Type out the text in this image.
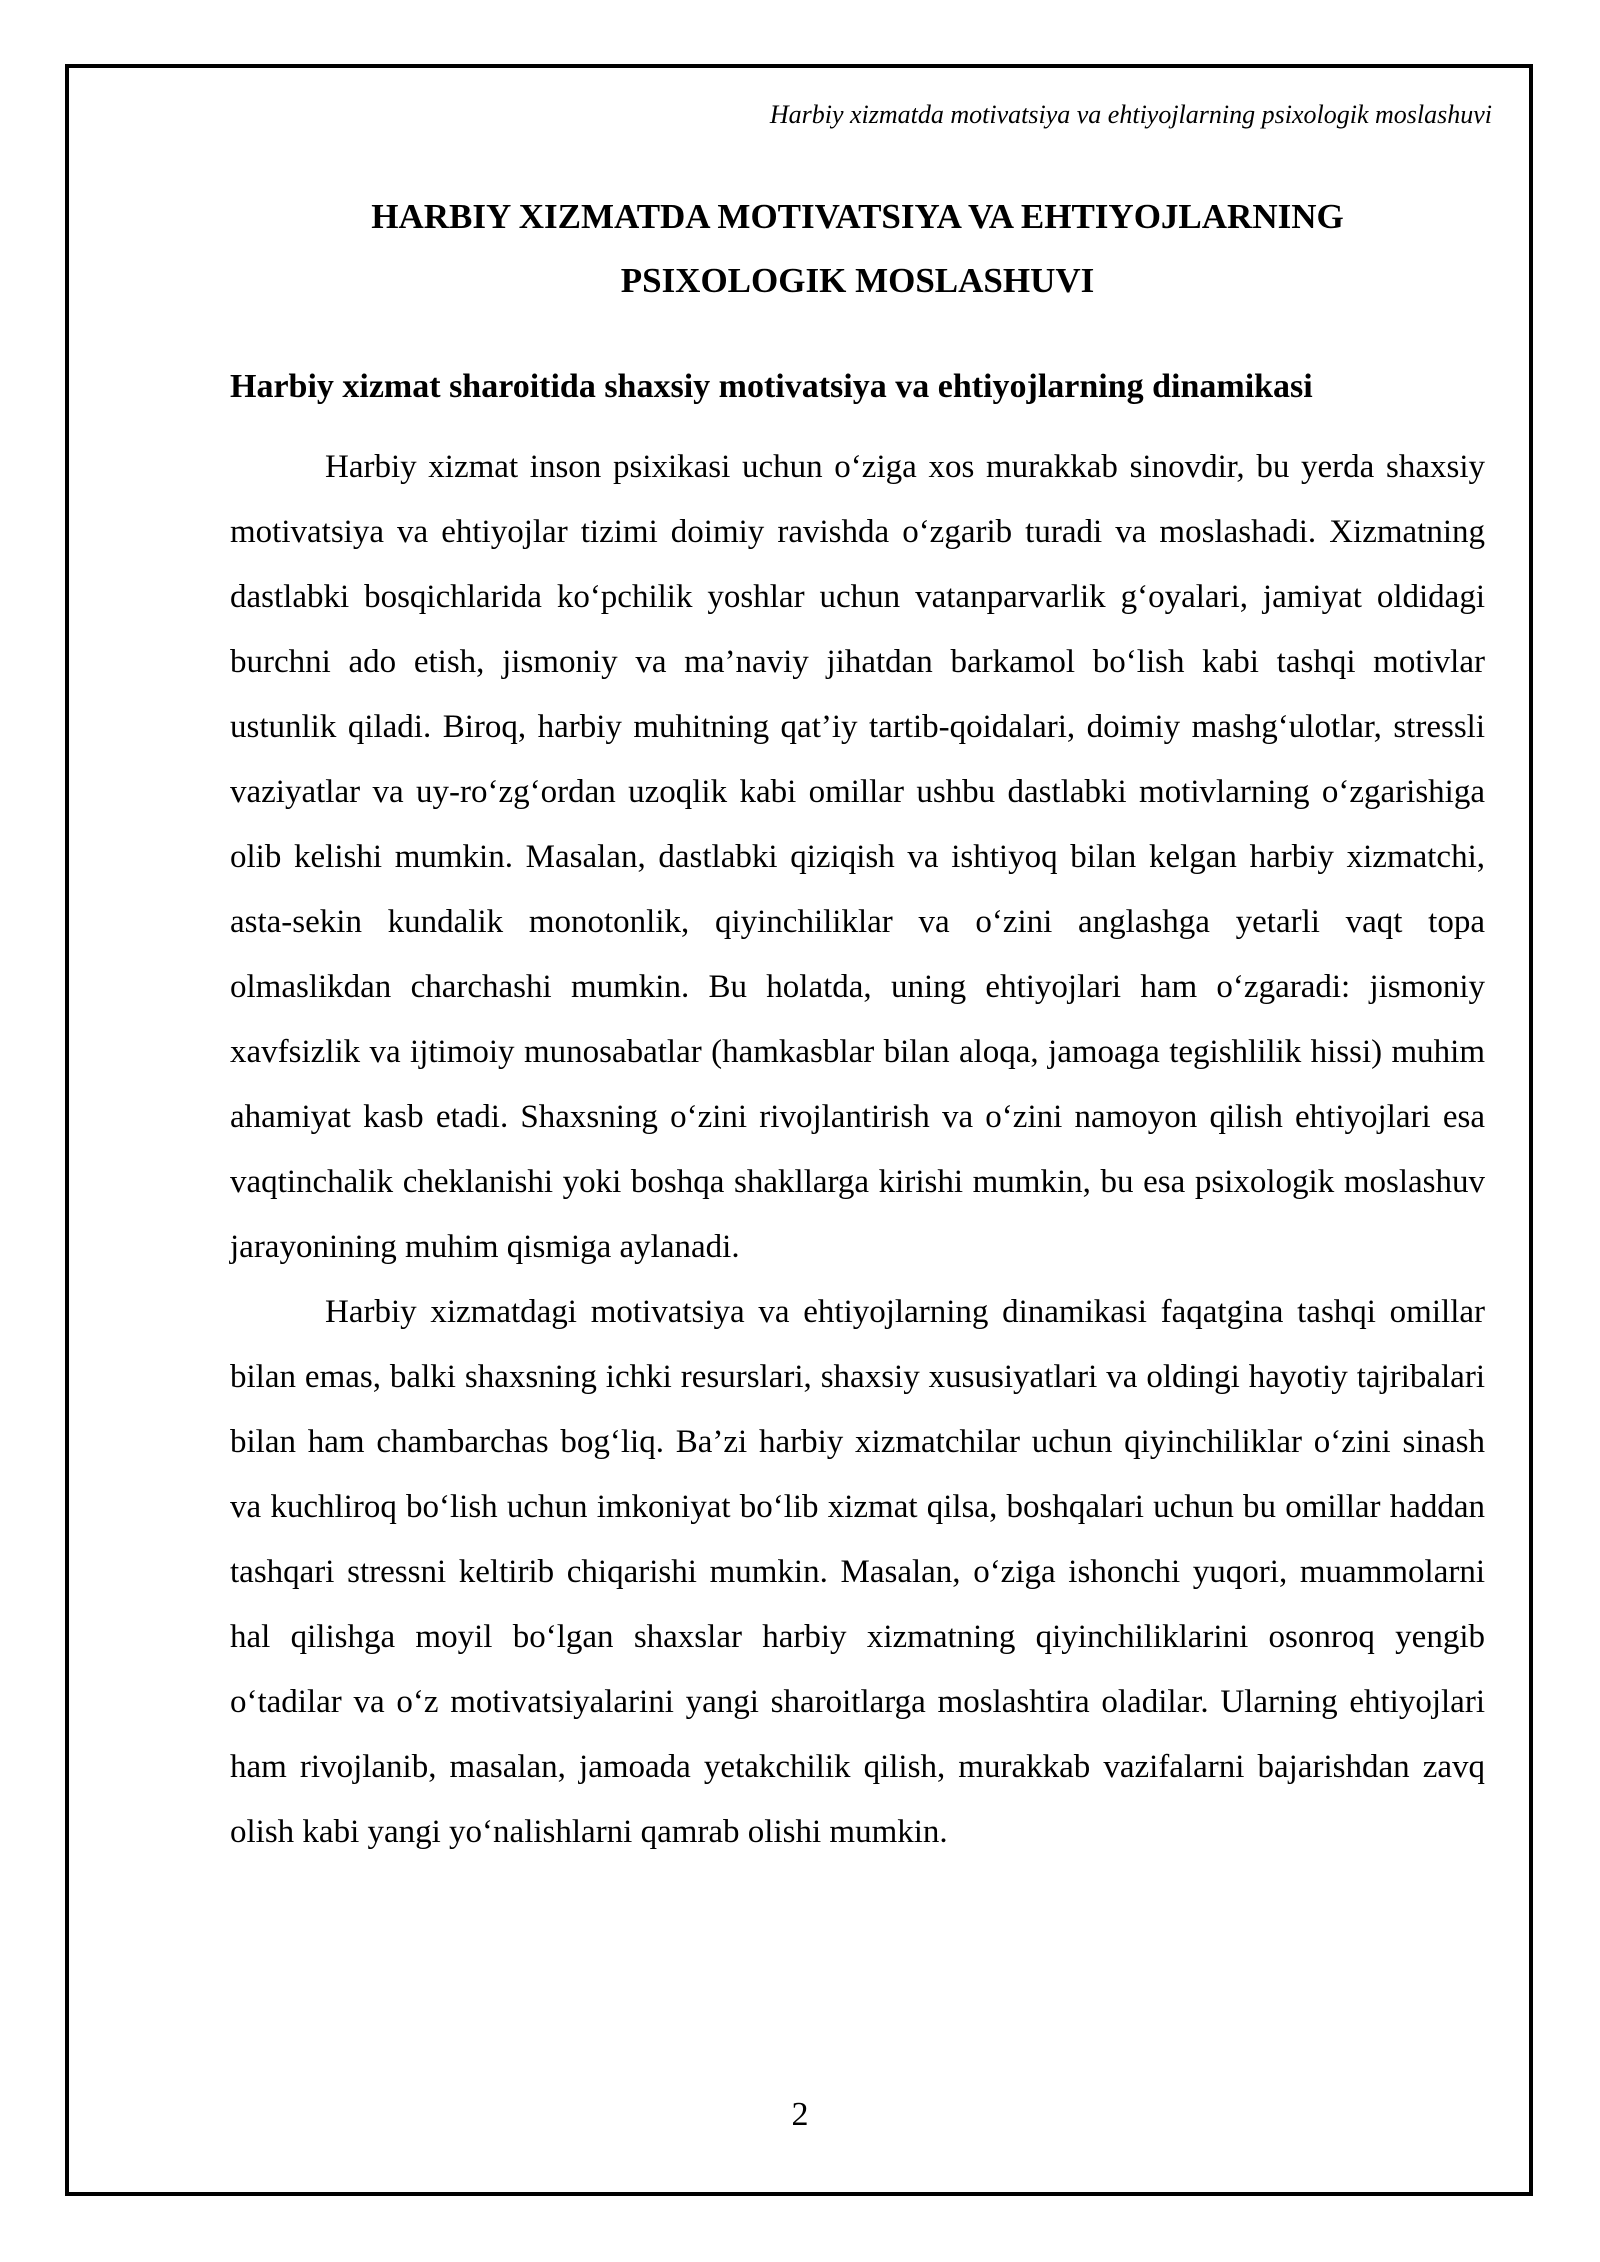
Harbiy xizmatda motivatsiya va ehtiyojlarning psixologik moslashuvi
HARBIY XIZMATDA MOTIVATSIYA VA EHTIYOJLARNING
PSIXOLOGIK MOSLASHUVI
Harbiy xizmat sharoitida shaxsiy motivatsiya va ehtiyojlarning dinamikasi

Harbiy xizmat inson psixikasi uchun o‘ziga xos murakkab sinovdir, bu yerda shaxsiy motivatsiya va ehtiyojlar tizimi doimiy ravishda o‘zgarib turadi va moslashadi. Xizmatning dastlabki bosqichlarida ko‘pchilik yoshlar uchun vatanparvarlik g‘oyalari, jamiyat oldidagi burchni ado etish, jismoniy va ma’naviy jihatdan barkamol bo‘lish kabi tashqi motivlar ustunlik qiladi. Biroq, harbiy muhitning qat’iy tartib-qoidalari, doimiy mashg‘ulotlar, stressli vaziyatlar va uy-ro‘zg‘ordan uzoqlik kabi omillar ushbu dastlabki motivlarning o‘zgarishiga olib kelishi mumkin. Masalan, dastlabki qiziqish va ishtiyoq bilan kelgan harbiy xizmatchi, asta-sekin kundalik monotonlik, qiyinchiliklar va o‘zini anglashga yetarli vaqt topa olmaslikdan charchashi mumkin. Bu holatda, uning ehtiyojlari ham o‘zgaradi: jismoniy xavfsizlik va ijtimoiy munosabatlar (hamkasblar bilan aloqa, jamoaga tegishlilik hissi) muhim ahamiyat kasb etadi. Shaxsning o‘zini rivojlantirish va o‘zini namoyon qilish ehtiyojlari esa vaqtinchalik cheklanishi yoki boshqa shakllarga kirishi mumkin, bu esa psixologik moslashuv jarayonining muhim qismiga aylanadi.

Harbiy xizmatdagi motivatsiya va ehtiyojlarning dinamikasi faqatgina tashqi omillar bilan emas, balki shaxsning ichki resurslari, shaxsiy xususiyatlari va oldingi hayotiy tajribalari bilan ham chambarchas bog‘liq. Ba’zi harbiy xizmatchilar uchun qiyinchiliklar o‘zini sinash va kuchliroq bo‘lish uchun imkoniyat bo‘lib xizmat qilsa, boshqalari uchun bu omillar haddan tashqari stressni keltirib chiqarishi mumkin. Masalan, o‘ziga ishonchi yuqori, muammolarni hal qilishga moyil bo‘lgan shaxslar harbiy xizmatning qiyinchiliklarini osonroq yengib o‘tadilar va o‘z motivatsiyalarini yangi sharoitlarga moslashtira oladilar. Ularning ehtiyojlari ham rivojlanib, masalan, jamoada yetakchilik qilish, murakkab vazifalarni bajarishdan zavq olish kabi yangi yo‘nalishlarni qamrab olishi mumkin.

2
